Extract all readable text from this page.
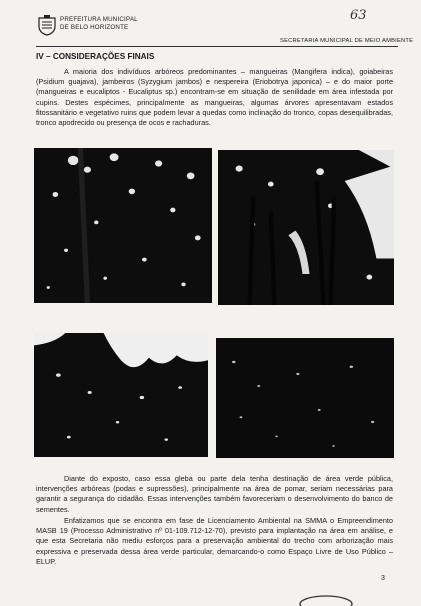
PREFEITURA MUNICIPAL
DE BELO HORIZONTE
63
SECRETARIA MUNICIPAL DE MEIO AMBIENTE
IV – CONSIDERAÇÕES FINAIS

A maioria dos indivíduos arbóreos predominantes – mangueiras (Mangifera indica), goiabeiras (Psidium guajava), jambeiros (Syzygium jambos) e nespereira (Eriobotrya japonica) – e do maior porte (mangueiras e eucaliptos - Eucaliptus sp.) encontram-se em situação de senilidade em área infestada por cupins. Destes espécimes, principalmente as mangueiras, algumas árvores apresentavam estados fitossanitário e vegetativo ruins que podem levar a quedas como inclinação do tronco, copas desequilibradas, tronco apodrecido ou presença de ocos e rachaduras.

Diante do exposto, caso essa gleba ou parte dela tenha destinação de área verde pública, intervenções arbóreas (podas e supressões), principalmente na área de pomar, seriam necessárias para garantir a segurança do cidadão. Essas intervenções também favoreceriam o desenvolvimento do banco de sementes.

Enfatizamos que se encontra em fase de Licenciamento Ambiental na SMMA o Empreendimento MASB 19 (Processo Administrativo nº 01-109.712-12-70), previsto para implantação na área em análise, e que esta Secretaria não mediu esforços para a preservação ambiental do trecho com arborização mais expressiva e preservada dessa área verde particular, demarcando-o como Espaço Livre de Uso Público – ELUP.

3
